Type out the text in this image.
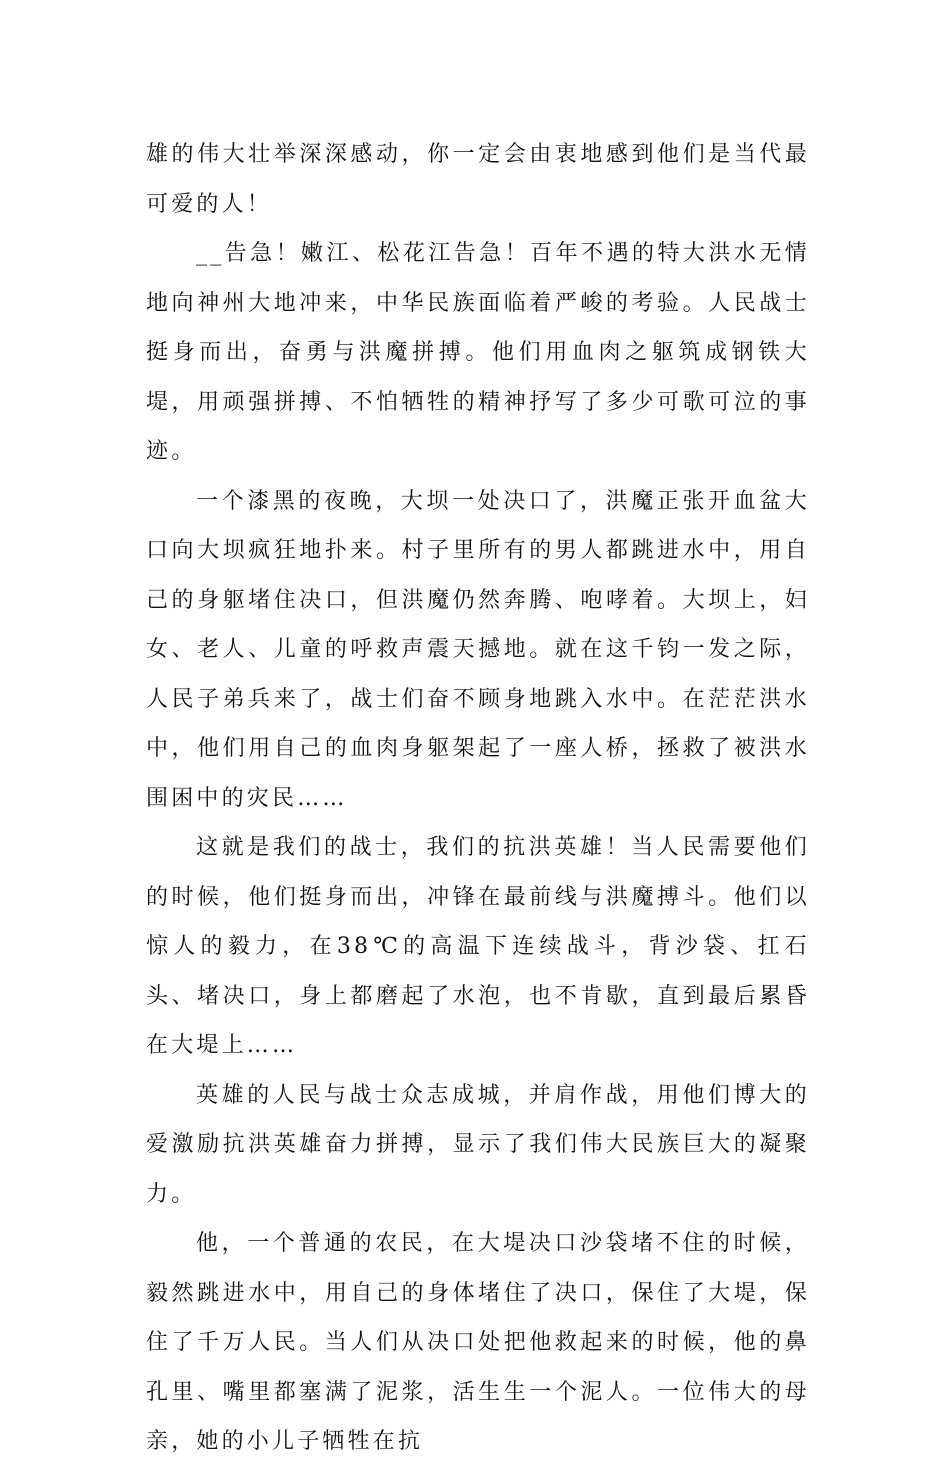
雄的伟大壮举深深感动，你一定会由衷地感到他们是当代最可爱的人！

__告急！嫩江、松花江告急！百年不遇的特大洪水无情地向神州大地冲来，中华民族面临着严峻的考验。人民战士挺身而出，奋勇与洪魔拼搏。他们用血肉之躯筑成钢铁大堤，用顽强拼搏、不怕牺牲的精神抒写了多少可歌可泣的事迹。

一个漆黑的夜晚，大坝一处决口了，洪魔正张开血盆大口向大坝疯狂地扑来。村子里所有的男人都跳进水中，用自己的身躯堵住决口，但洪魔仍然奔腾、咆哮着。大坝上，妇女、老人、儿童的呼救声震天撼地。就在这千钧一发之际，人民子弟兵来了，战士们奋不顾身地跳入水中。在茫茫洪水中，他们用自己的血肉身躯架起了一座人桥，拯救了被洪水围困中的灾民……

这就是我们的战士，我们的抗洪英雄！当人民需要他们的时候，他们挺身而出，冲锋在最前线与洪魔搏斗。他们以惊人的毅力，在38℃的高温下连续战斗，背沙袋、扛石头、堵决口，身上都磨起了水泡，也不肯歇，直到最后累昏在大堤上……

英雄的人民与战士众志成城，并肩作战，用他们博大的爱激励抗洪英雄奋力拼搏，显示了我们伟大民族巨大的凝聚力。

他，一个普通的农民，在大堤决口沙袋堵不住的时候，毅然跳进水中，用自己的身体堵住了决口，保住了大堤，保住了千万人民。当人们从决口处把他救起来的时候，他的鼻孔里、嘴里都塞满了泥浆，活生生一个泥人。一位伟大的母亲，她的小儿子牺牲在抗
